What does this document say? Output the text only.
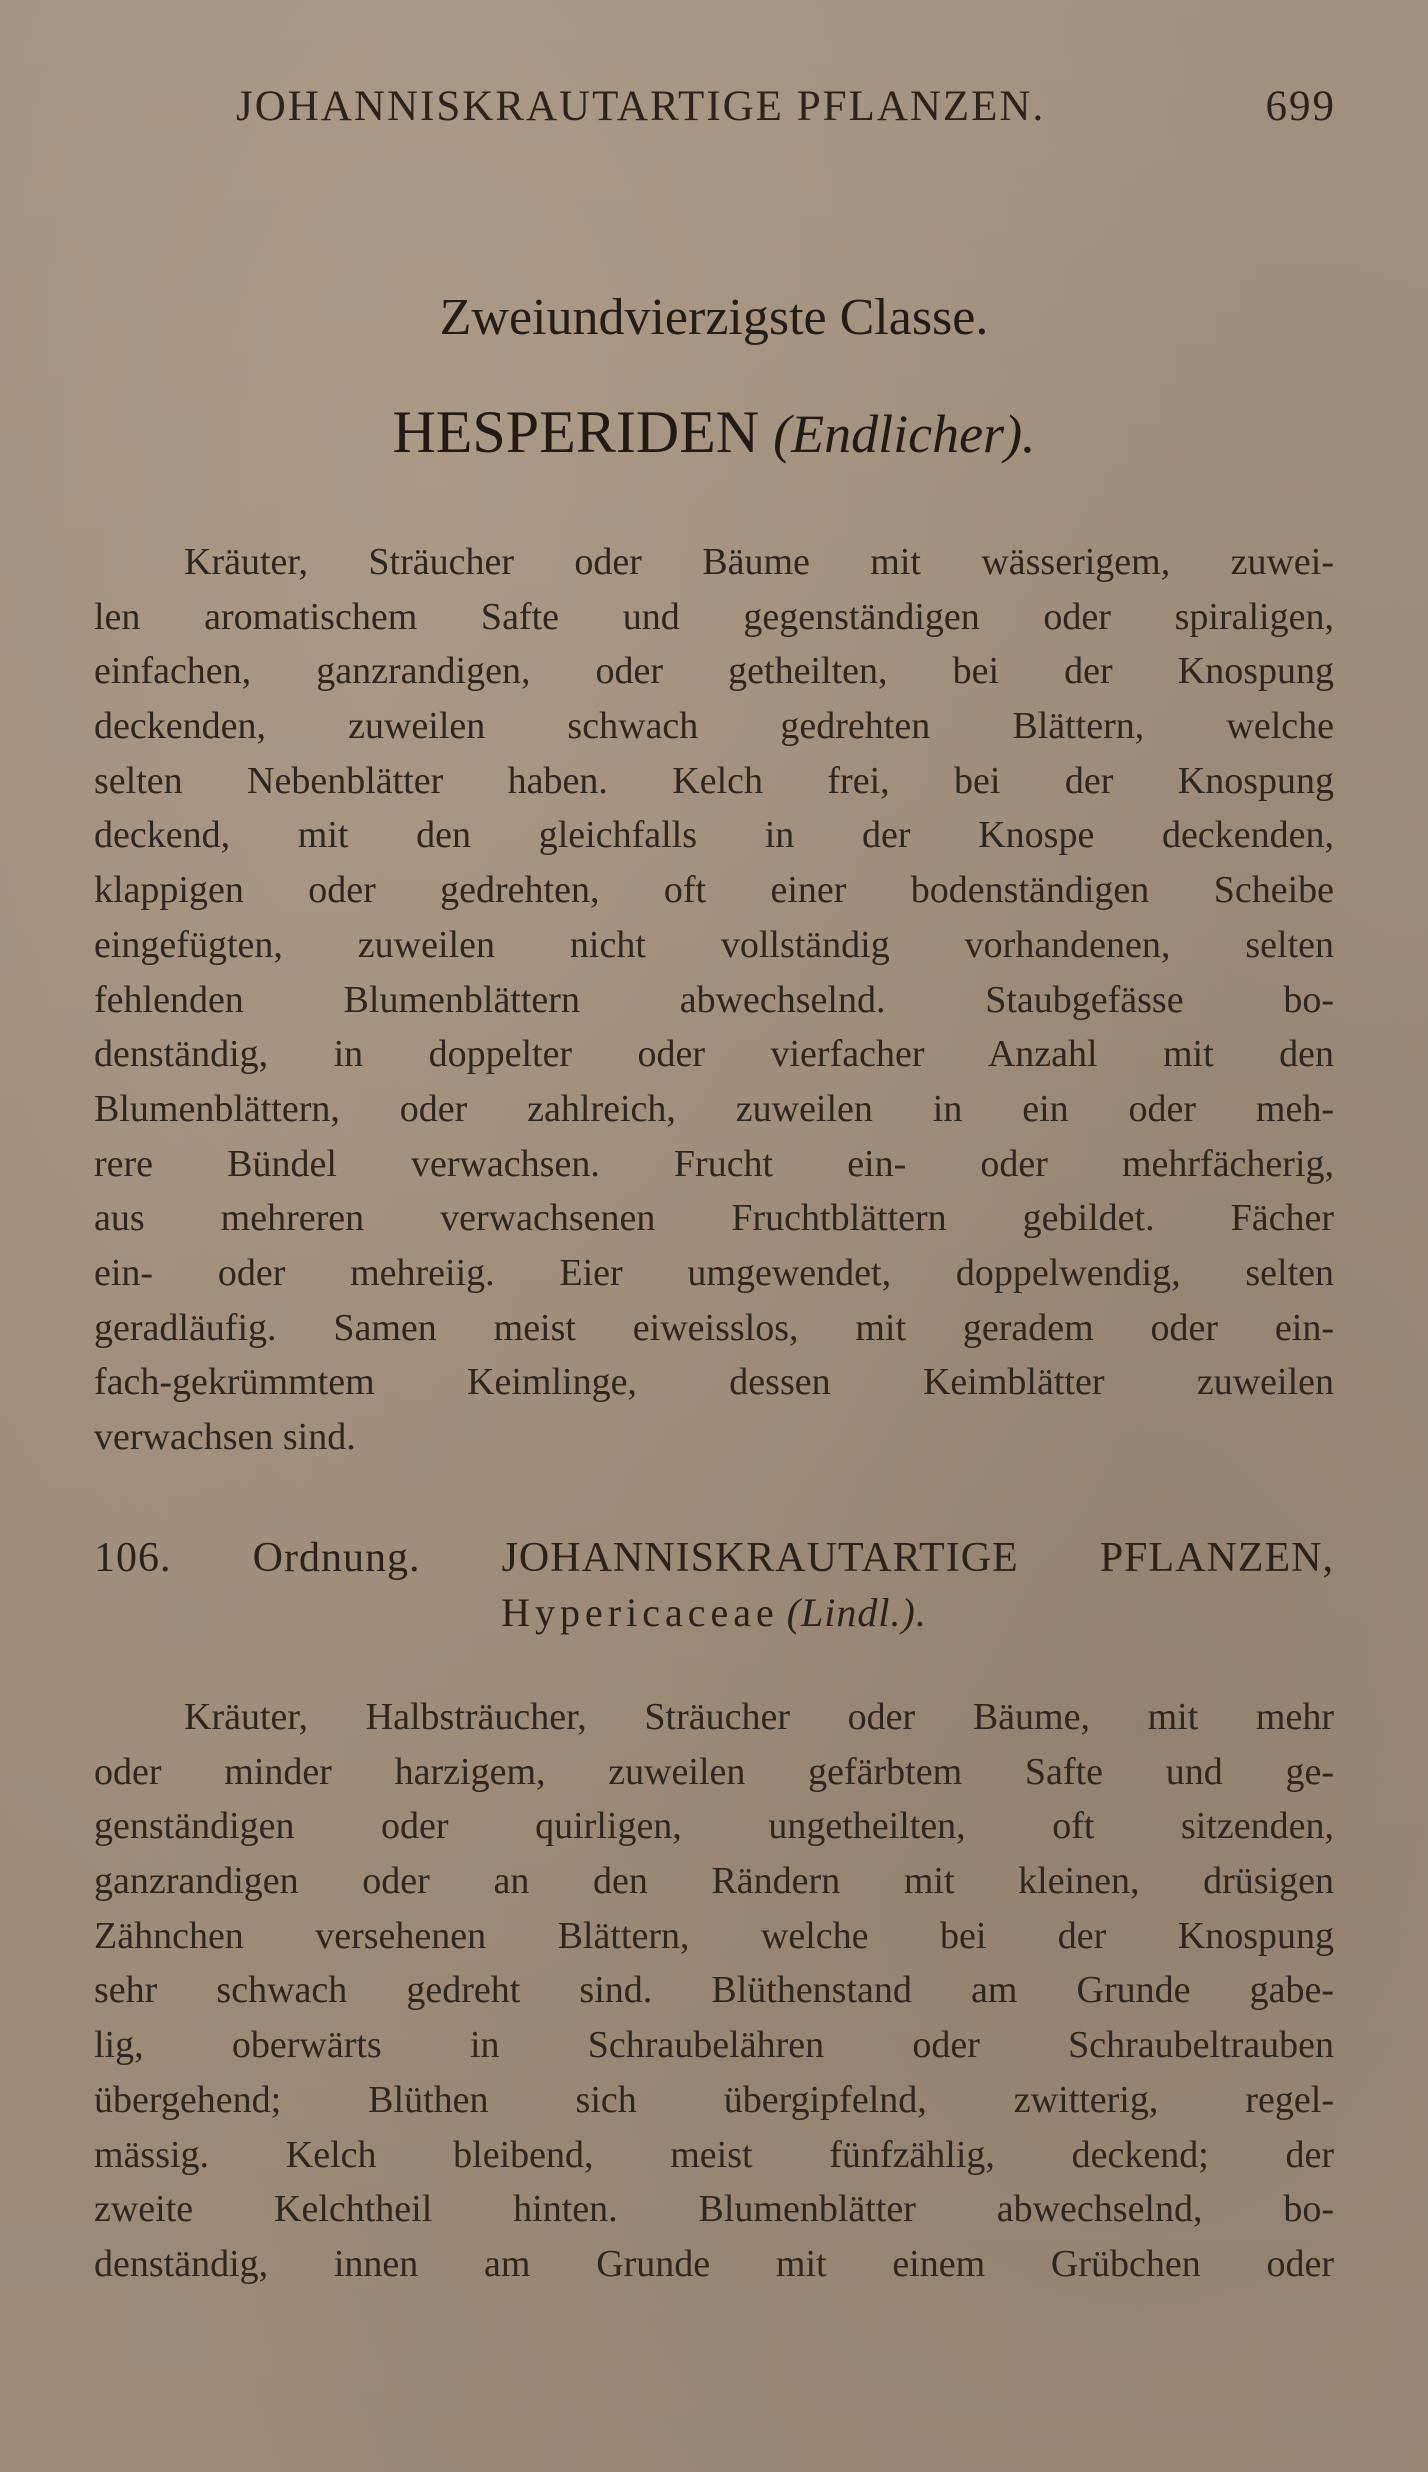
JOHANNISKRAUTARTIGE PFLANZEN.	699
Zweiundvierzigste Classe.
HESPERIDEN (Endlicher).
Kräuter, Sträucher oder Bäume mit wässerigem, zuwei-
len aromatischem Safte und gegenständigen oder spiraligen,
einfachen, ganzrandigen, oder getheilten, bei der Knospung
deckenden, zuweilen schwach gedrehten Blättern, welche
selten Nebenblätter haben. Kelch frei, bei der Knospung
deckend, mit den gleichfalls in der Knospe deckenden,
klappigen oder gedrehten, oft einer bodenständigen Scheibe
eingefügten, zuweilen nicht vollständig vorhandenen, selten
fehlenden Blumenblättern abwechselnd. Staubgefässe bo-
denständig, in doppelter oder vierfacher Anzahl mit den
Blumenblättern, oder zahlreich, zuweilen in ein oder meh-
rere Bündel verwachsen. Frucht ein- oder mehrfächerig,
aus mehreren verwachsenen Fruchtblättern gebildet. Fächer
ein- oder mehreiig. Eier umgewendet, doppelwendig, selten
geradläufig. Samen meist eiweisslos, mit geradem oder ein-
fach-gekrümmtem Keimlinge, dessen Keimblätter zuweilen
verwachsen sind.
106. Ordnung. JOHANNISKRAUTARTIGE PFLANZEN,
Hypericaceae (Lindl.).
Kräuter, Halbsträucher, Sträucher oder Bäume, mit mehr
oder minder harzigem, zuweilen gefärbtem Safte und ge-
genständigen oder quirligen, ungetheilten, oft sitzenden,
ganzrandigen oder an den Rändern mit kleinen, drüsigen
Zähnchen versehenen Blättern, welche bei der Knospung
sehr schwach gedreht sind. Blüthenstand am Grunde gabe-
lig, oberwärts in Schraubelähren oder Schraubeltrauben
übergehend; Blüthen sich übergipfelnd, zwitterig, regel-
mässig. Kelch bleibend, meist fünfzählig, deckend; der
zweite Kelchtheil hinten. Blumenblätter abwechselnd, bo-
denständig, innen am Grunde mit einem Grübchen oder
